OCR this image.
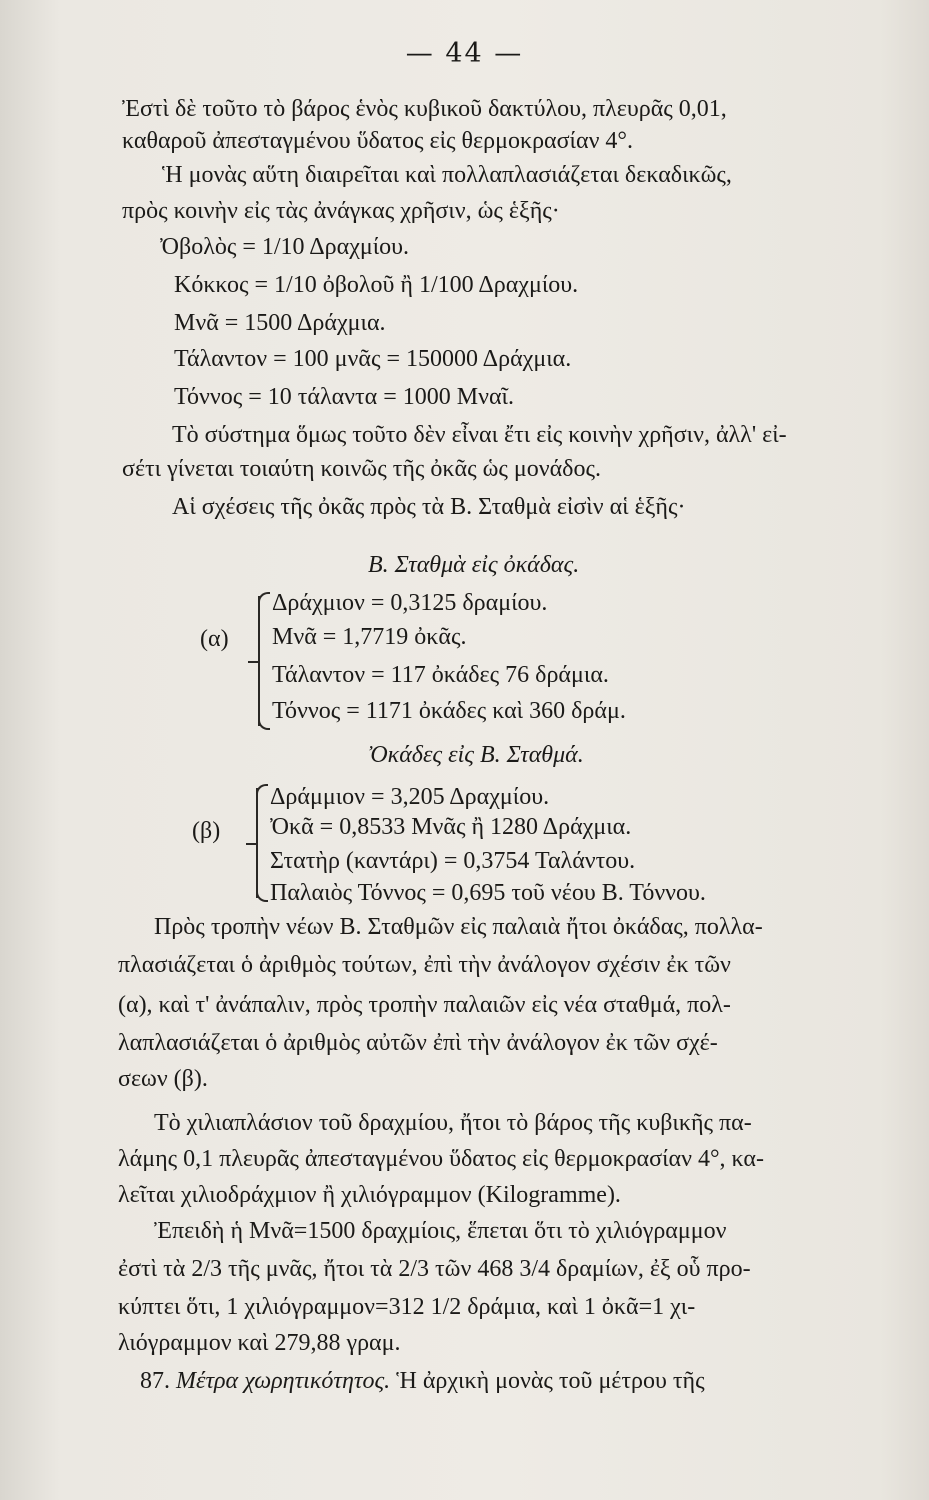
— 44 —
Ἐστὶ δὲ τοῦτο τὸ βάρος ἑνὸς κυβικοῦ δακτύλου, πλευρᾶς 0,01,
καθαροῦ ἀπεσταγμένου ὕδατος εἰς θερμοκρασίαν 4°.
Ἡ μονὰς αὕτη διαιρεῖται καὶ πολλαπλασιάζεται δεκαδικῶς,
πρὸς κοινὴν εἰς τὰς ἀνάγκας χρῆσιν, ὡς ἑξῆς·
Ὀβολὸς = 1/10 Δραχμίου.
Κόκκος = 1/10 ὀβολοῦ ἢ 1/100 Δραχμίου.
Μνᾶ = 1500 Δράχμια.
Τάλαντον = 100 μνᾶς = 150000 Δράχμια.
Τόννος = 10 τάλαντα = 1000 Μναῖ.
Τὸ σύστημα ὅμως τοῦτο δὲν εἶναι ἔτι εἰς κοινὴν χρῆσιν, ἀλλ' εἰ-
σέτι γίνεται τοιαύτη κοινῶς τῆς ὀκᾶς ὡς μονάδος.
Αἱ σχέσεις τῆς ὀκᾶς πρὸς τὰ Β. Σταθμὰ εἰσὶν αἱ ἑξῆς·
Β. Σταθμὰ εἰς ὀκάδας.
(α)
Δράχμιον = 0,3125 δραμίου.
Μνᾶ = 1,7719 ὀκᾶς.
Τάλαντον = 117 ὀκάδες 76 δράμια.
Τόννος = 1171 ὀκάδες καὶ 360 δράμ.
Ὀκάδες εἰς Β. Σταθμά.
(β)
Δράμμιον = 3,205 Δραχμίου.
Ὀκᾶ = 0,8533 Μνᾶς ἢ 1280 Δράχμια.
Στατὴρ (καντάρι) = 0,3754 Ταλάντου.
Παλαιὸς Τόννος = 0,695 τοῦ νέου Β. Τόννου.
Πρὸς τροπὴν νέων Β. Σταθμῶν εἰς παλαιὰ ἤτοι ὀκάδας, πολλα-
πλασιάζεται ὁ ἀριθμὸς τούτων, ἐπὶ τὴν ἀνάλογον σχέσιν ἐκ τῶν
(α), καὶ τ' ἀνάπαλιν, πρὸς τροπὴν παλαιῶν εἰς νέα σταθμά, πολ-
λαπλασιάζεται ὁ ἀριθμὸς αὐτῶν ἐπὶ τὴν ἀνάλογον ἐκ τῶν σχέ-
σεων (β).
Τὸ χιλιαπλάσιον τοῦ δραχμίου, ἤτοι τὸ βάρος τῆς κυβικῆς πα-
λάμης 0,1 πλευρᾶς ἀπεσταγμένου ὕδατος εἰς θερμοκρασίαν 4°, κα-
λεῖται χιλιοδράχμιον ἢ χιλιόγραμμον (Kilogramme).
Ἐπειδὴ ἡ Μνᾶ=1500 δραχμίοις, ἕπεται ὅτι τὸ χιλιόγραμμον
ἐστὶ τὰ 2/3 τῆς μνᾶς, ἤτοι τὰ 2/3 τῶν 468 3/4 δραμίων, ἐξ οὗ προ-
κύπτει ὅτι, 1 χιλιόγραμμον=312 1/2 δράμια, καὶ 1 ὀκᾶ=1 χι-
λιόγραμμον καὶ 279,88 γραμ.
87. Μέτρα χωρητικότητος. Ἡ ἀρχικὴ μονὰς τοῦ μέτρου τῆς
